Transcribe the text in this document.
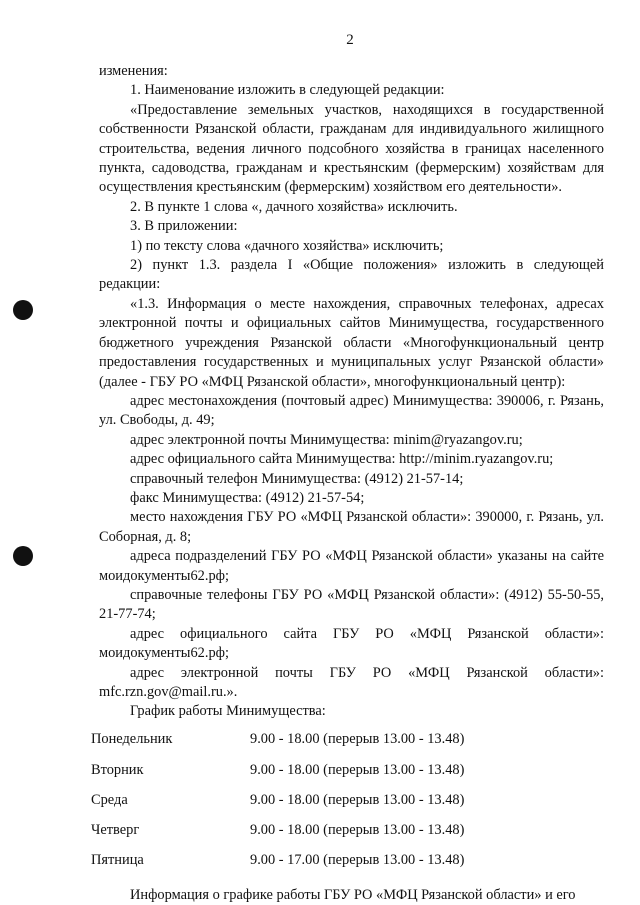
2

изменения:

1. Наименование изложить в следующей редакции:

«Предоставление земельных участков, находящихся в государственной собственности Рязанской области, гражданам для индивидуального жилищного строительства, ведения личного подсобного хозяйства в границах населенного пункта, садоводства, гражданам и крестьянским (фермерским) хозяйствам для осуществления крестьянским (фермерским) хозяйством его деятельности».

2. В пункте 1 слова «, дачного хозяйства» исключить.

3. В приложении:

1) по тексту слова «дачного хозяйства» исключить;

2) пункт 1.3. раздела I «Общие положения» изложить в следующей редакции:

«1.3. Информация о месте нахождения, справочных телефонах, адресах электронной почты и официальных сайтов Минимущества, государственного бюджетного учреждения Рязанской области «Многофункциональный центр предоставления государственных и муниципальных услуг Рязанской области» (далее - ГБУ РО «МФЦ Рязанской области», многофункциональный центр):

адрес местонахождения (почтовый адрес) Минимущества: 390006, г. Рязань, ул. Свободы, д. 49;

адрес электронной почты Минимущества: minim@ryazangov.ru;

адрес официального сайта Минимущества: http://minim.ryazangov.ru;

справочный телефон Минимущества: (4912) 21-57-14;

факс Минимущества: (4912) 21-57-54;

место нахождения ГБУ РО «МФЦ Рязанской области»: 390000, г. Рязань, ул. Соборная, д. 8;

адреса подразделений ГБУ РО «МФЦ Рязанской области» указаны на сайте моидокументы62.рф;

справочные телефоны ГБУ РО «МФЦ Рязанской области»: (4912) 55-50-55, 21-77-74;

адрес официального сайта ГБУ РО «МФЦ Рязанской области»: моидокументы62.рф;

адрес электронной почты ГБУ РО «МФЦ Рязанской области»: mfc.rzn.gov@mail.ru.».

График работы Минимущества:

Понедельник	9.00 - 18.00 (перерыв 13.00 - 13.48)
Вторник	9.00 - 18.00 (перерыв 13.00 - 13.48)
Среда	9.00 - 18.00 (перерыв 13.00 - 13.48)
Четверг	9.00 - 18.00 (перерыв 13.00 - 13.48)
Пятница	9.00 - 17.00 (перерыв 13.00 - 13.48)

Информация о графике работы ГБУ РО «МФЦ Рязанской области» и его
